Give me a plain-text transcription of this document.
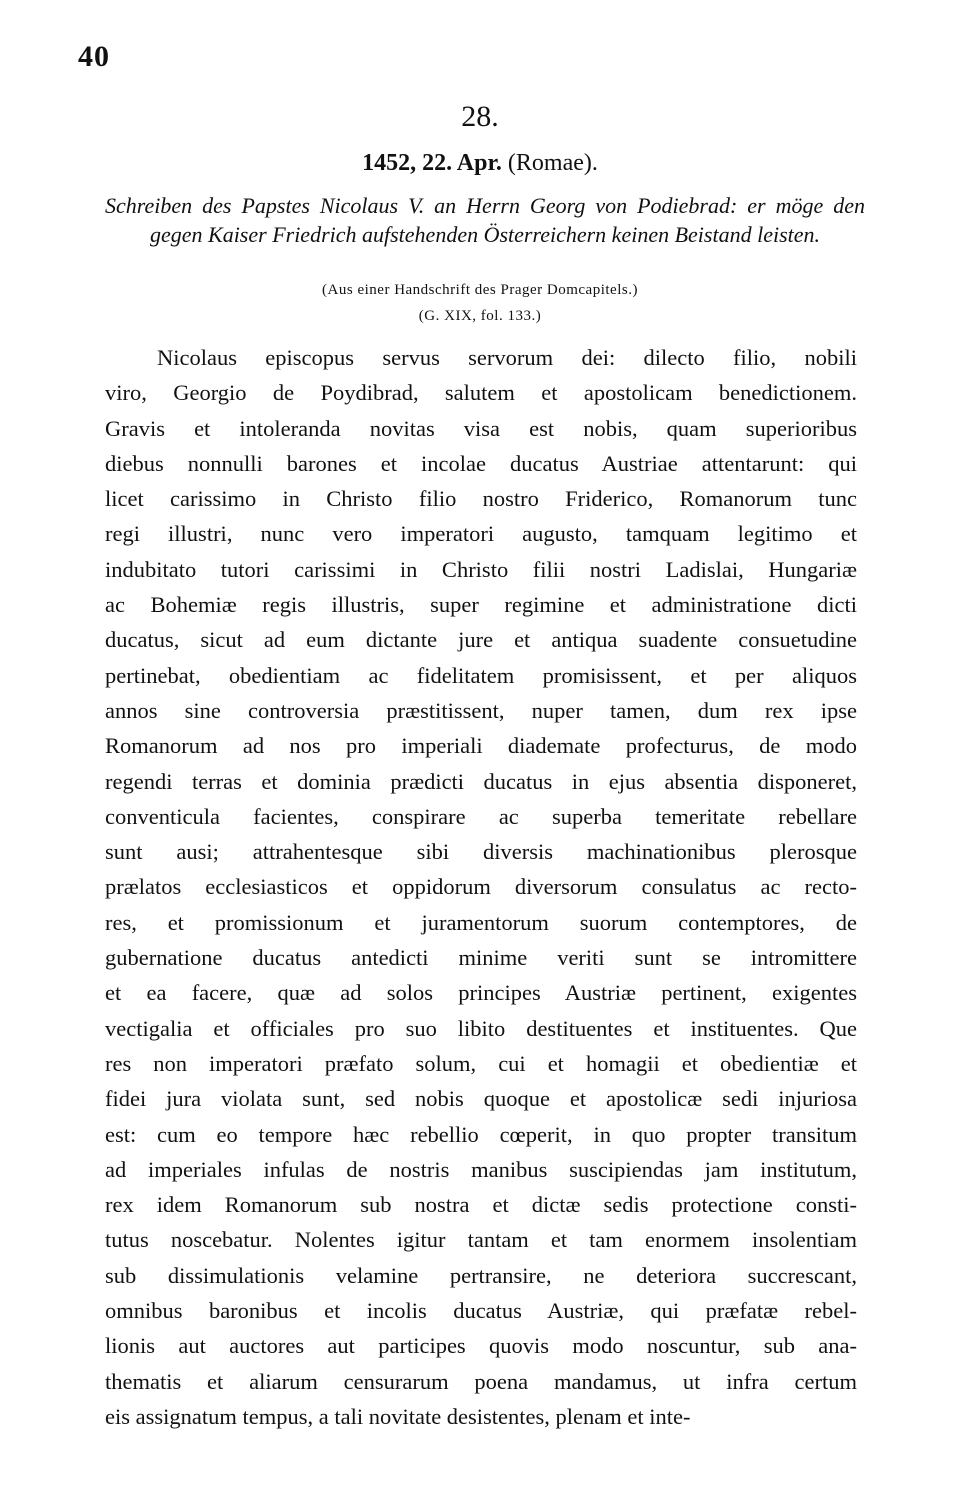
40
28.
1452, 22. Apr. (Romae).
Schreiben des Papstes Nicolaus V. an Herrn Georg von Podiebrad: er möge den gegen Kaiser Friedrich aufstehenden Österreichern keinen Beistand leisten.
(Aus einer Handschrift des Prager Domcapitels.)
(G. XIX, fol. 133.)
Nicolaus episcopus servus servorum dei: dilecto filio, nobili
viro, Georgio de Poydibrad, salutem et apostolicam benedictionem.
Gravis et intoleranda novitas visa est nobis, quam superioribus
diebus nonnulli barones et incolae ducatus Austriae attentarunt: qui
licet carissimo in Christo filio nostro Friderico, Romanorum tunc
regi illustri, nunc vero imperatori augusto, tamquam legitimo et
indubitato tutori carissimi in Christo filii nostri Ladislai, Hungariæ
ac Bohemiæ regis illustris, super regimine et administratione dicti
ducatus, sicut ad eum dictante jure et antiqua suadente consuetudine
pertinebat, obedientiam ac fidelitatem promisissent, et per aliquos
annos sine controversia præstitissent, nuper tamen, dum rex ipse
Romanorum ad nos pro imperiali diademate profecturus, de modo
regendi terras et dominia prædicti ducatus in ejus absentia disponeret,
conventicula facientes, conspirare ac superba temeritate rebellare
sunt ausi; attrahentesque sibi diversis machinationibus plerosque
prælatos ecclesiasticos et oppidorum diversorum consulatus ac recto-
res, et promissionum et juramentorum suorum contemptores, de
gubernatione ducatus antedicti minime veriti sunt se intromittere
et ea facere, quæ ad solos principes Austriæ pertinent, exigentes
vectigalia et officiales pro suo libito destituentes et instituentes. Que
res non imperatori præfato solum, cui et homagii et obedientiæ et
fidei jura violata sunt, sed nobis quoque et apostolicæ sedi injuriosa
est: cum eo tempore hæc rebellio cœperit, in quo propter transitum
ad imperiales infulas de nostris manibus suscipiendas jam institutum,
rex idem Romanorum sub nostra et dictæ sedis protectione consti-
tutus noscebatur. Nolentes igitur tantam et tam enormem insolentiam
sub dissimulationis velamine pertransire, ne deteriora succrescant,
omnibus baronibus et incolis ducatus Austriæ, qui præfatæ rebel-
lionis aut auctores aut participes quovis modo noscuntur, sub ana-
thematis et aliarum censurarum poena mandamus, ut infra certum
eis assignatum tempus, a tali novitate desistentes, plenam et inte-
